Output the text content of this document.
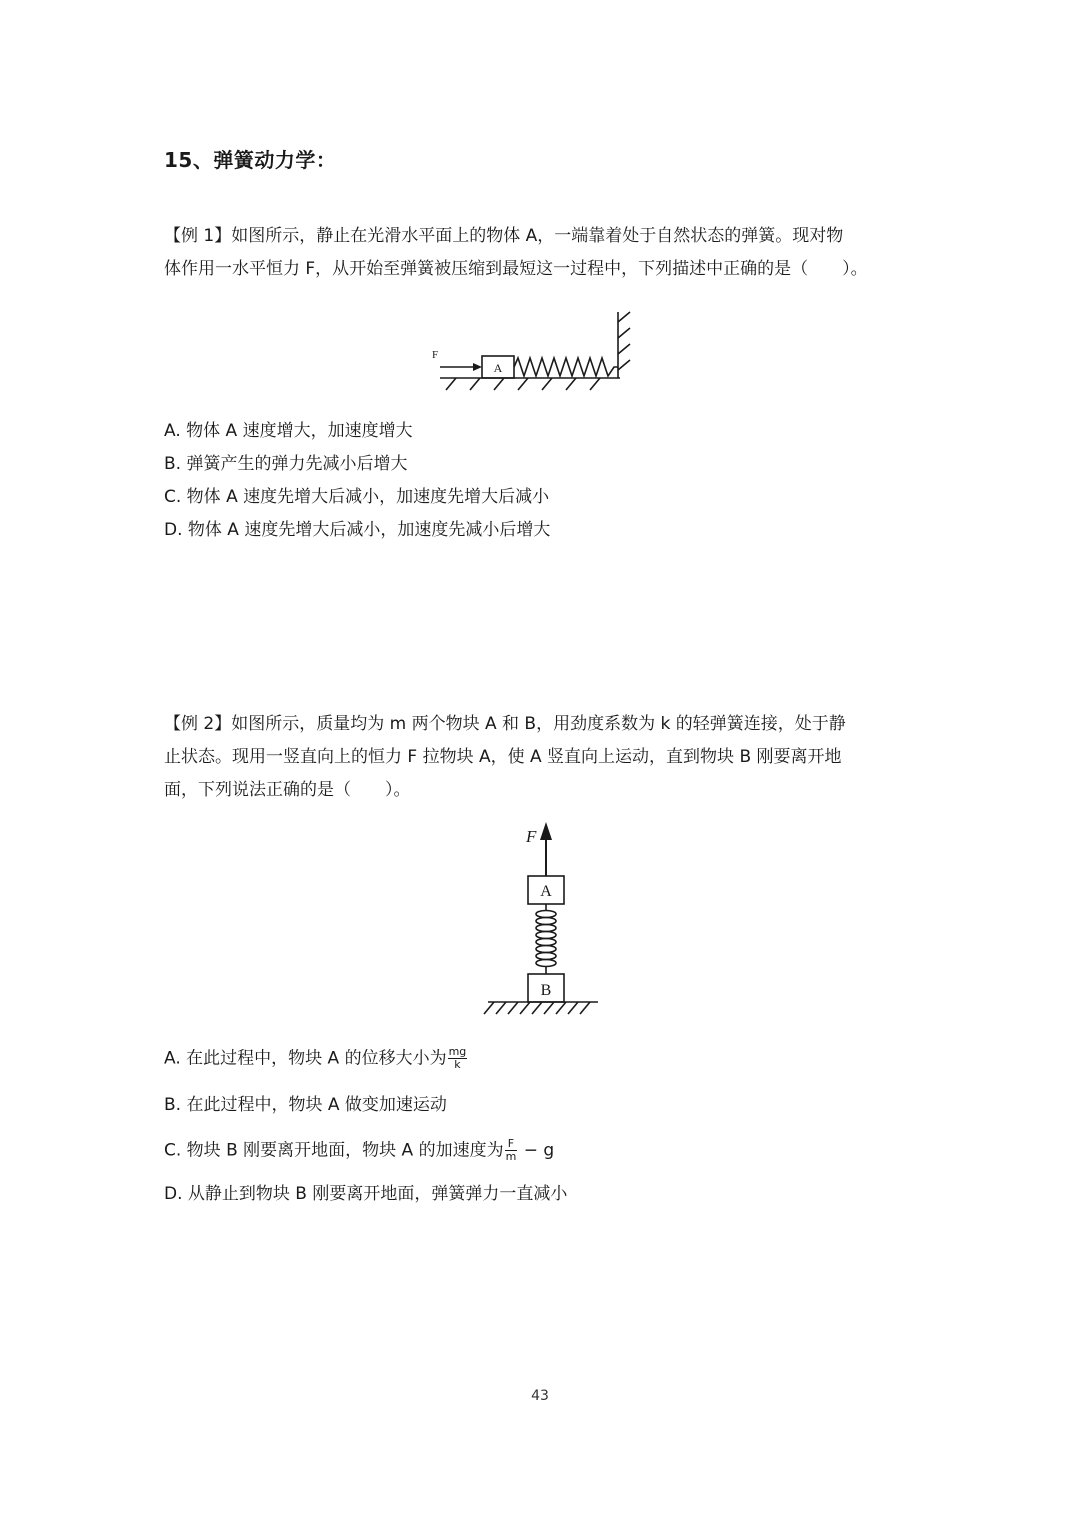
15、弹簧动力学：
【例 1】如图所示，静止在光滑水平面上的物体 A，一端靠着处于自然状态的弹簧。现对物
体作用一水平恒力 F，从开始至弹簧被压缩到最短这一过程中，下列描述中正确的是（　　）。
F
A
A. 物体 A 速度增大，加速度增大
B. 弹簧产生的弹力先减小后增大
C. 物体 A 速度先增大后减小，加速度先增大后减小
D. 物体 A 速度先增大后减小，加速度先减小后增大
【例 2】如图所示，质量均为 m 两个物块 A 和 B，用劲度系数为 k 的轻弹簧连接，处于静
止状态。现用一竖直向上的恒力 F 拉物块 A，使 A 竖直向上运动，直到物块 B 刚要离开地
面，下列说法正确的是（　　）。
F
A
B
A. 在此过程中，物块 A 的位移大小为 $\frac{mg}{k}$
B. 在此过程中，物块 A 做变加速运动
C. 物块 B 刚要离开地面，物块 A 的加速度为 $\frac{F}{m} - g$
D. 从静止到物块 B 刚要离开地面，弹簧弹力一直减小
43
